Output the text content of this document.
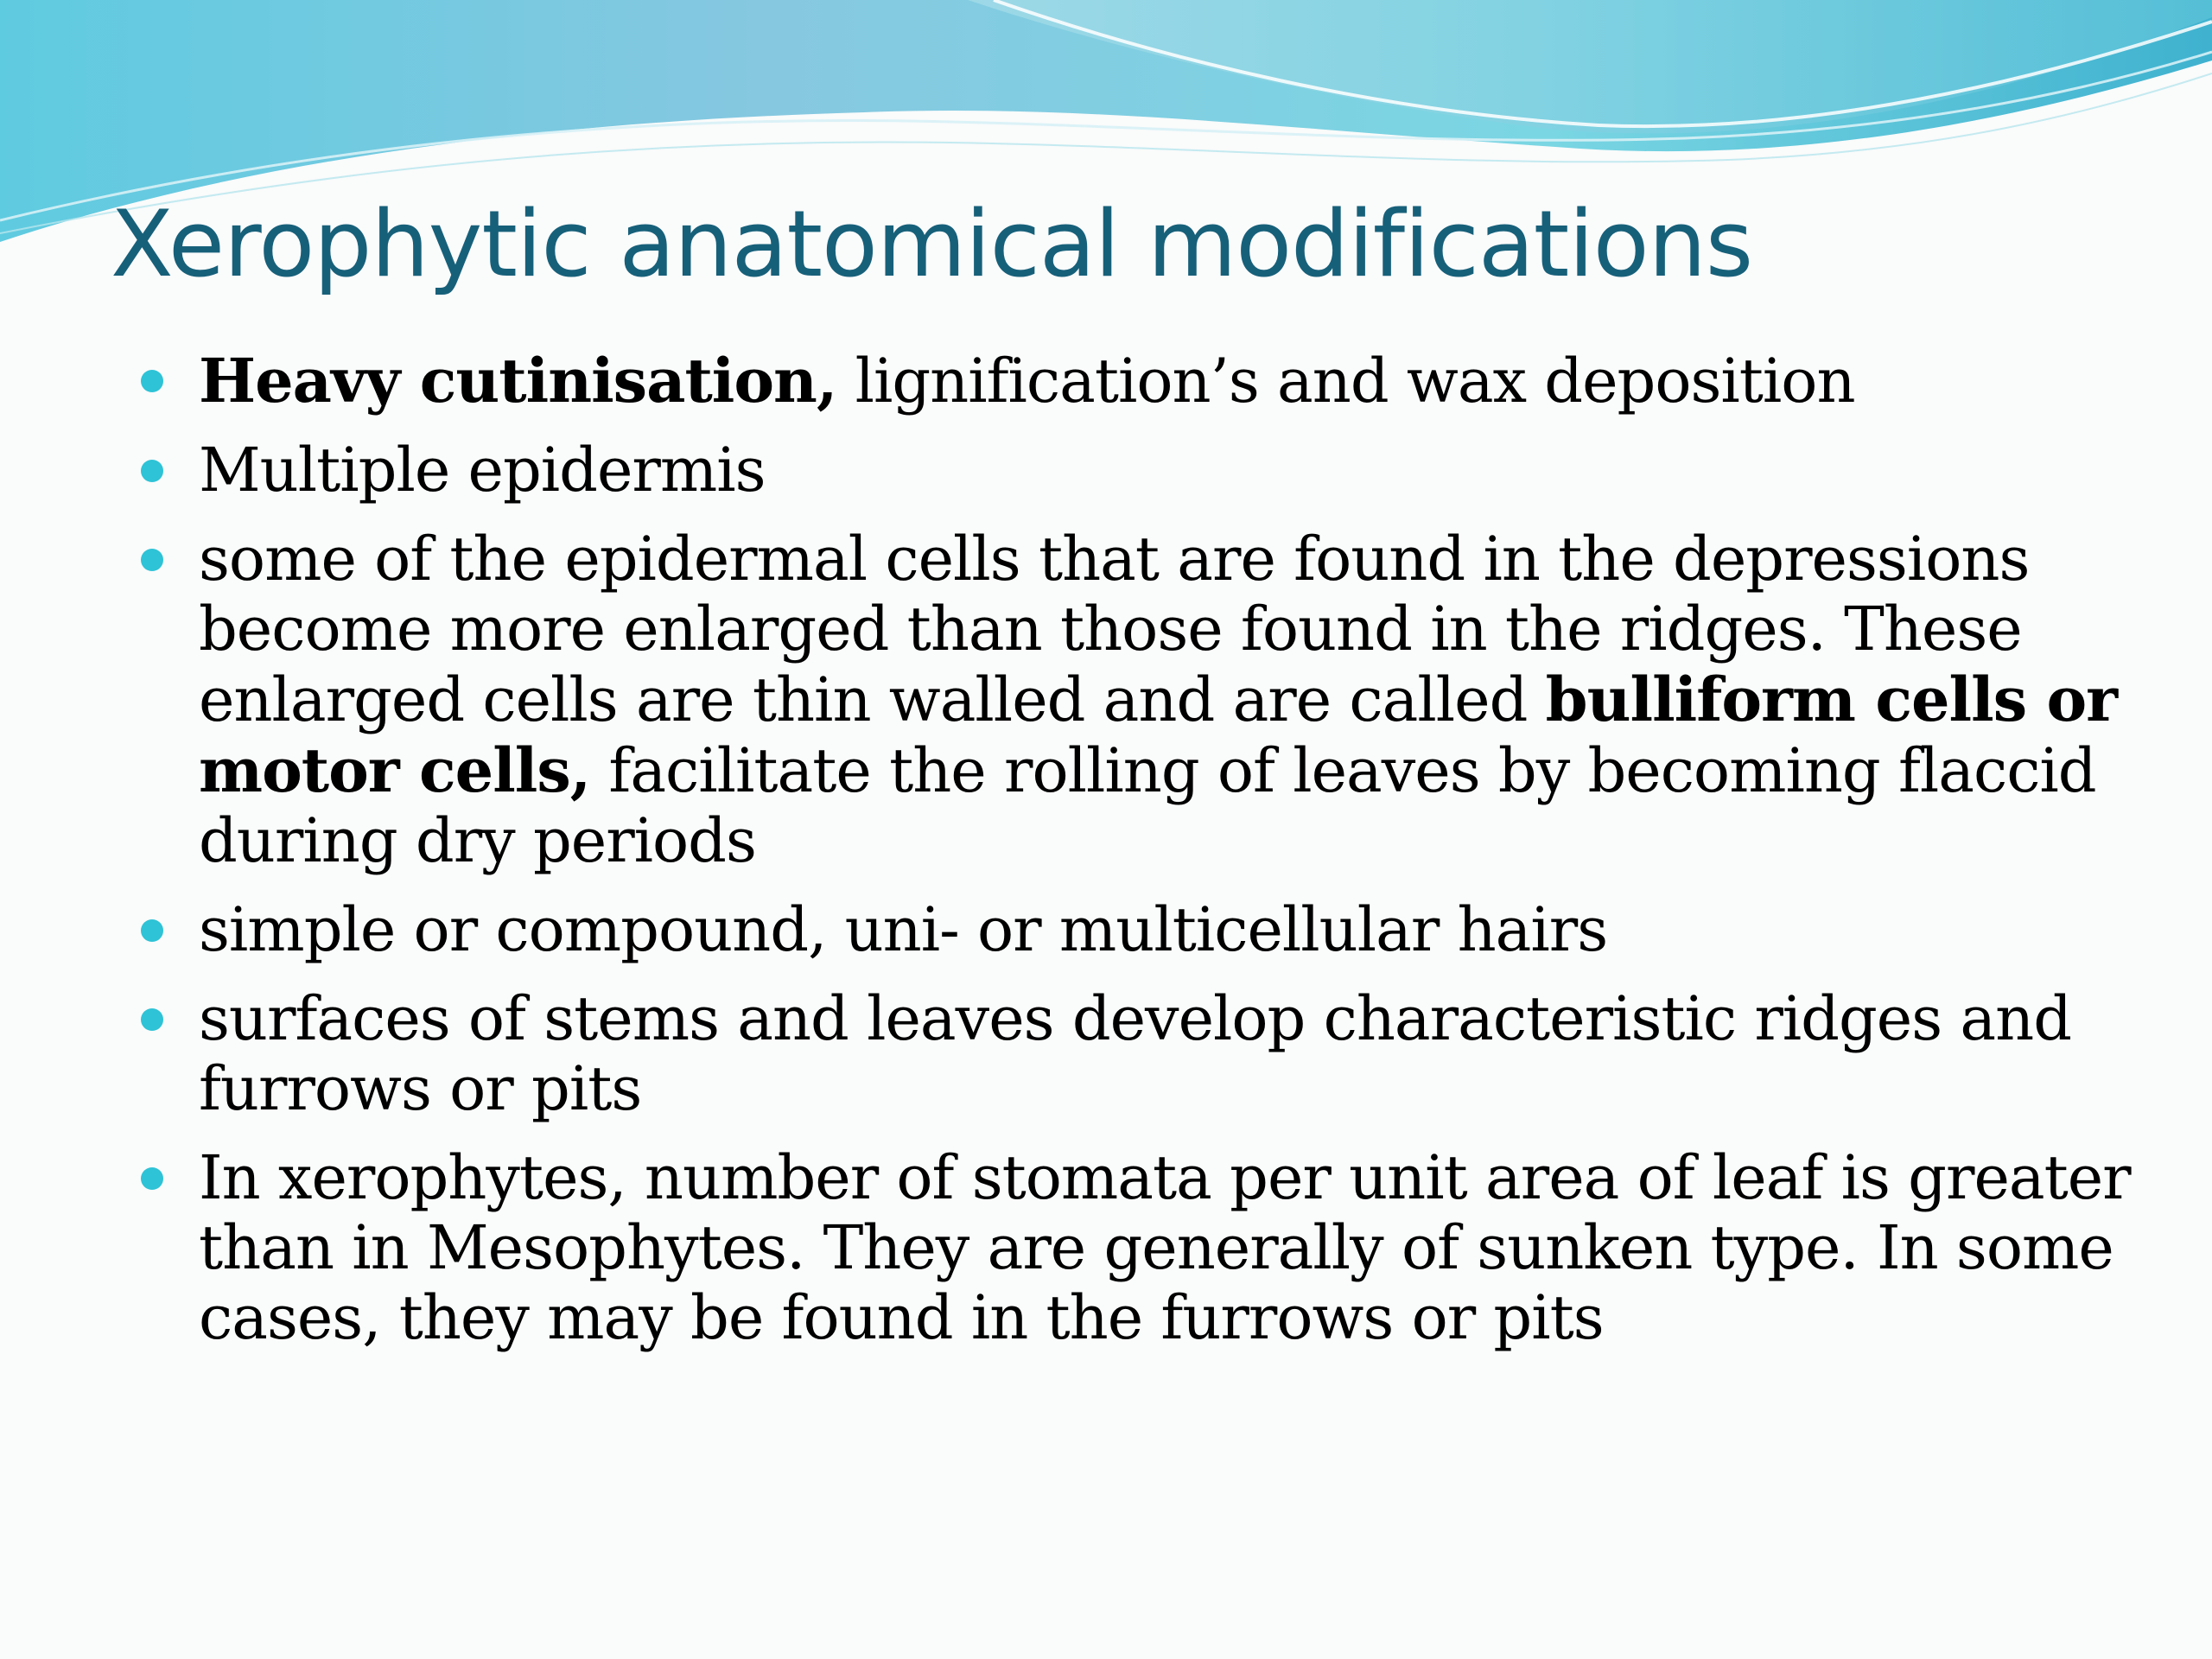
Xerophytic anatomical modifications
Heavy cutinisation, lignification’s and wax deposition
Multiple epidermis
some of the epidermal cells that are found in the depressions become more enlarged than those found in the ridges. These enlarged cells are thin walled and are called bulliform cells or motor cells, facilitate the rolling of leaves by becoming flaccid during dry periods
simple or compound, uni- or multicellular hairs
surfaces of stems and leaves develop characteristic ridges and furrows or pits
In xerophytes, number of stomata per unit area of leaf is greater than in Mesophytes. They are generally of sunken type. In some cases, they may be found in the furrows or pits
